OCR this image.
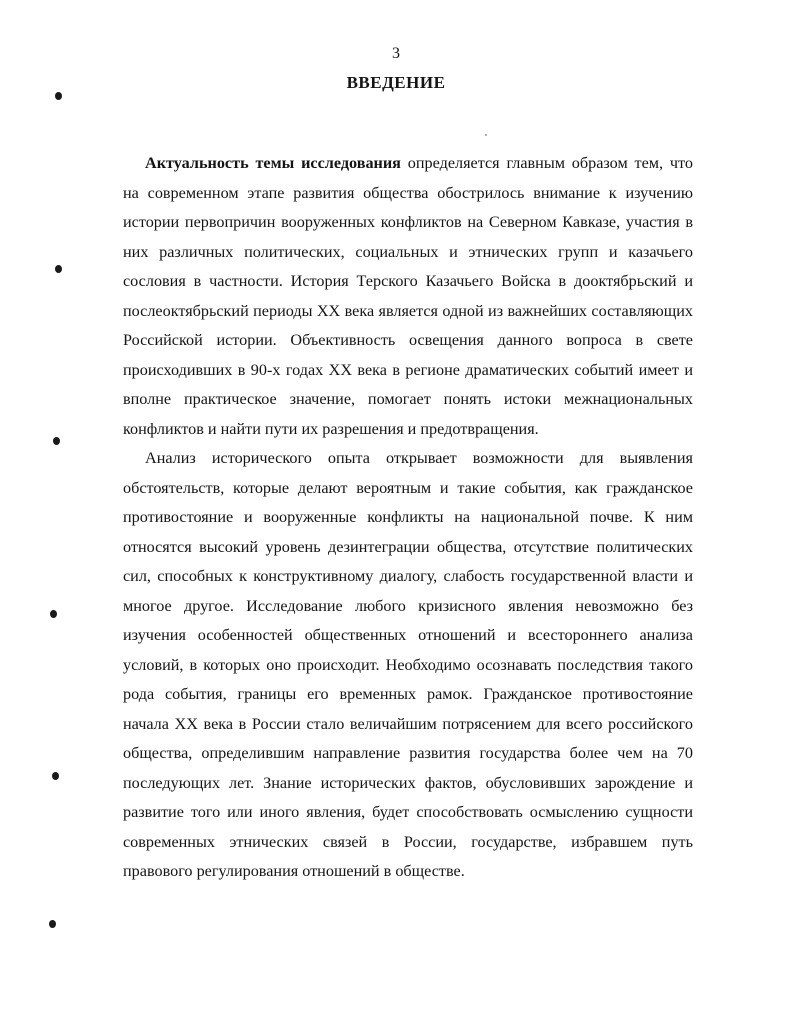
3
ВВЕДЕНИЕ

Актуальность темы исследования определяется главным образом тем, что на современном этапе развития общества обострилось внимание к изучению истории первопричин вооруженных конфликтов на Северном Кавказе, участия в них различных политических, социальных и этнических групп и казачьего сословия в частности. История Терского Казачьего Войска в дооктябрьский и послеоктябрьский периоды XX века является одной из важнейших составляющих Российской истории. Объективность освещения данного вопроса в свете происходивших в 90-х годах XX века в регионе драматических событий имеет и вполне практическое значение, помогает понять истоки межнациональных конфликтов и найти пути их разрешения и предотвращения.

Анализ исторического опыта открывает возможности для выявления обстоятельств, которые делают вероятным и такие события, как гражданское противостояние и вооруженные конфликты на национальной почве. К ним относятся высокий уровень дезинтеграции общества, отсутствие политических сил, способных к конструктивному диалогу, слабость государственной власти и многое другое. Исследование любого кризисного явления невозможно без изучения особенностей общественных отношений и всестороннего анализа условий, в которых оно происходит. Необходимо осознавать последствия такого рода события, границы его временных рамок. Гражданское противостояние начала XX века в России стало величайшим потрясением для всего российского общества, определившим направление развития государства более чем на 70 последующих лет. Знание исторических фактов, обусловивших зарождение и развитие того или иного явления, будет способствовать осмыслению сущности современных этнических связей в России, государстве, избравшем путь правового регулирования отношений в обществе.
